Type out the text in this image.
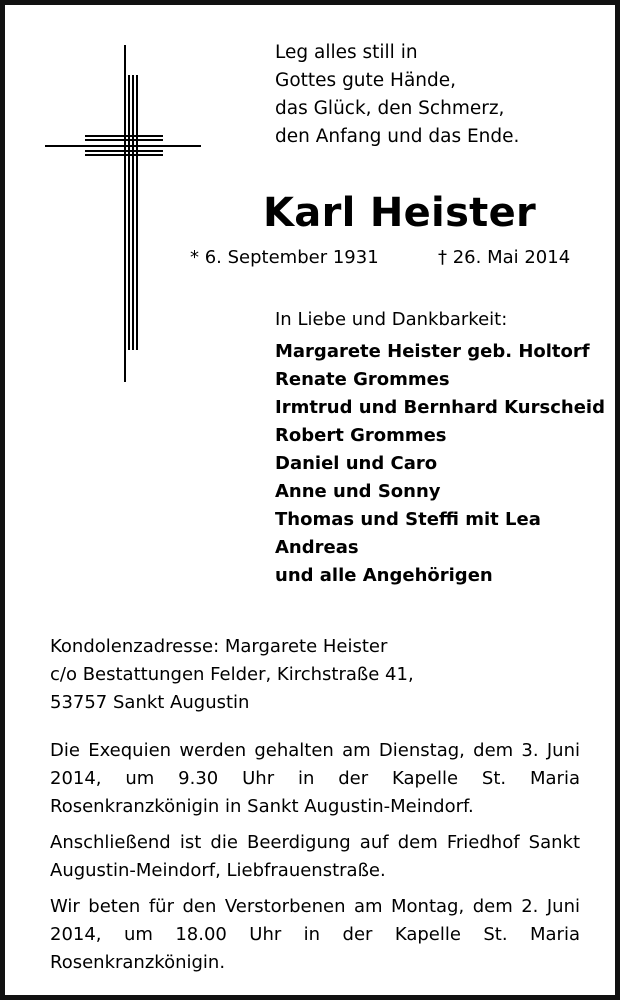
Leg alles still in
Gottes gute Hände,
das Glück, den Schmerz,
den Anfang und das Ende.
Karl Heister
* 6. September 1931	† 26. Mai 2014
In Liebe und Dankbarkeit:
Margarete Heister geb. Holtorf
Renate Grommes
Irmtrud und Bernhard Kurscheid
Robert Grommes
Daniel und Caro
Anne und Sonny
Thomas und Steffi mit Lea
Andreas
und alle Angehörigen
Kondolenzadresse: Margarete Heister
c/o Bestattungen Felder, Kirchstraße 41,
53757 Sankt Augustin

Die Exequien werden gehalten am Dienstag, dem 3. Juni 2014, um 9.30 Uhr in der Kapelle St. Maria Rosenkranzkönigin in Sankt Augustin-Meindorf.

Anschließend ist die Beerdigung auf dem Friedhof Sankt Augustin-Meindorf, Liebfrauenstraße.

Wir beten für den Verstorbenen am Montag, dem 2. Juni 2014, um 18.00 Uhr in der Kapelle St. Maria Rosenkranzkönigin.
